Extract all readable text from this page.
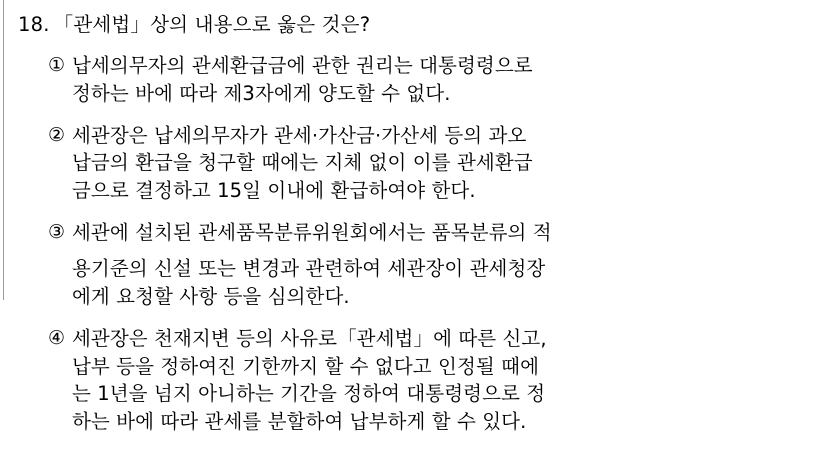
18. 「관세법」상의 내용으로 옳은 것은?
① 납세의무자의 관세환급금에 관한 권리는 대통령령으로
정하는 바에 따라 제3자에게 양도할 수 없다.
② 세관장은 납세의무자가 관세·가산금·가산세 등의 과오
납금의 환급을 청구할 때에는 지체 없이 이를 관세환급
금으로 결정하고 15일 이내에 환급하여야 한다.
③ 세관에 설치된 관세품목분류위원회에서는 품목분류의 적
용기준의 신설 또는 변경과 관련하여 세관장이 관세청장
에게 요청할 사항 등을 심의한다.
④ 세관장은 천재지변 등의 사유로「관세법」에 따른 신고,
납부 등을 정하여진 기한까지 할 수 없다고 인정될 때에
는 1년을 넘지 아니하는 기간을 정하여 대통령령으로 정
하는 바에 따라 관세를 분할하여 납부하게 할 수 있다.
